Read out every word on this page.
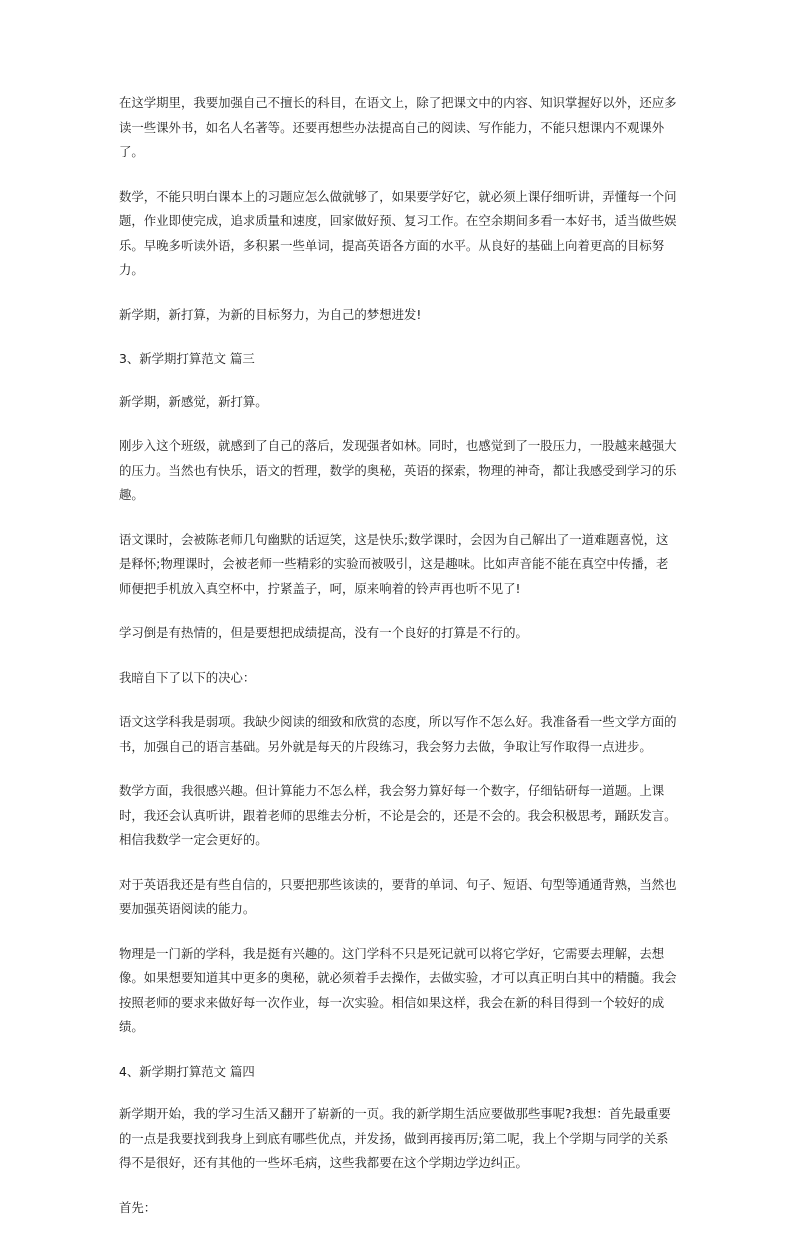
在这学期里，我要加强自己不擅长的科目，在语文上，除了把课文中的内容、知识掌握好以外，还应多读一些课外书，如名人名著等。还要再想些办法提高自己的阅读、写作能力，不能只想课内不观课外了。

数学，不能只明白课本上的习题应怎么做就够了，如果要学好它，就必须上课仔细听讲，弄懂每一个问题，作业即使完成，追求质量和速度，回家做好预、复习工作。在空余期间多看一本好书，适当做些娱乐。早晚多听读外语，多积累一些单词，提高英语各方面的水平。从良好的基础上向着更高的目标努力。

新学期，新打算，为新的目标努力，为自己的梦想进发!

3、新学期打算范文 篇三

新学期，新感觉，新打算。

刚步入这个班级，就感到了自己的落后，发现强者如林。同时，也感觉到了一股压力，一股越来越强大的压力。当然也有快乐，语文的哲理，数学的奥秘，英语的探索，物理的神奇，都让我感受到学习的乐趣。

语文课时，会被陈老师几句幽默的话逗笑，这是快乐;数学课时，会因为自己解出了一道难题喜悦，这是释怀;物理课时，会被老师一些精彩的实验而被吸引，这是趣味。比如声音能不能在真空中传播，老师便把手机放入真空杯中，拧紧盖子，呵，原来响着的铃声再也听不见了!

学习倒是有热情的，但是要想把成绩提高，没有一个良好的打算是不行的。

我暗自下了以下的决心：

语文这学科我是弱项。我缺少阅读的细致和欣赏的态度，所以写作不怎么好。我准备看一些文学方面的书，加强自己的语言基础。另外就是每天的片段练习，我会努力去做，争取让写作取得一点进步。

数学方面，我很感兴趣。但计算能力不怎么样，我会努力算好每一个数字，仔细钻研每一道题。上课时，我还会认真听讲，跟着老师的思维去分析，不论是会的，还是不会的。我会积极思考，踊跃发言。相信我数学一定会更好的。

对于英语我还是有些自信的，只要把那些该读的，要背的单词、句子、短语、句型等通通背熟，当然也要加强英语阅读的能力。

物理是一门新的学科，我是挺有兴趣的。这门学科不只是死记就可以将它学好，它需要去理解，去想像。如果想要知道其中更多的奥秘，就必须着手去操作，去做实验，才可以真正明白其中的精髓。我会按照老师的要求来做好每一次作业，每一次实验。相信如果这样，我会在新的科目得到一个较好的成绩。

4、新学期打算范文 篇四

新学期开始，我的学习生活又翻开了崭新的一页。我的新学期生活应要做那些事呢?我想：首先最重要的一点是我要找到我身上到底有哪些优点，并发扬，做到再接再厉;第二呢，我上个学期与同学的关系得不是很好，还有其他的一些坏毛病，这些我都要在这个学期边学边纠正。

首先：
